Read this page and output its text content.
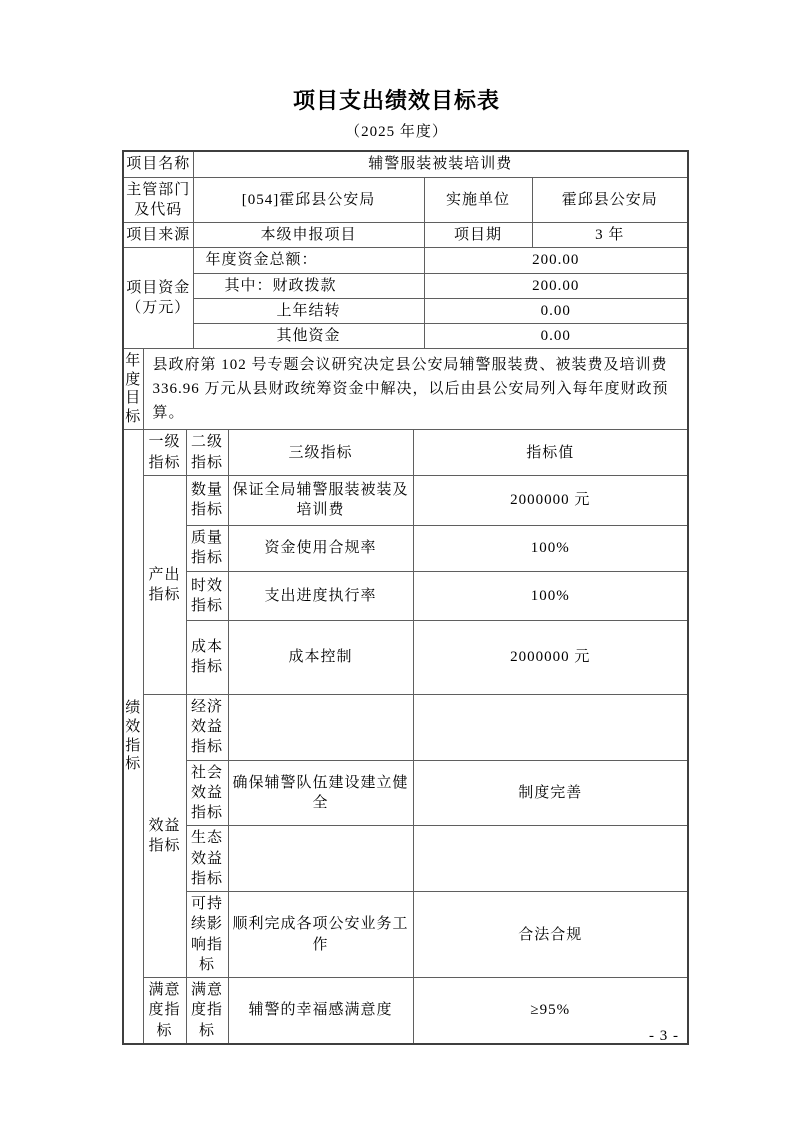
项目支出绩效目标表
（2025 年度）
项目名称			辅警服装被装培训费				
主管部门及代码			[054]霍邱县公安局			实施单位	霍邱县公安局
项目来源			本级申报项目			项目期	3 年
项目资金（万元）			年度资金总额：			200.00	
			其中：财政拨款			200.00	
			上年结转			0.00	
			其他资金			0.00	
年度目标	县政府第 102 号专题会议研究决定县公安局辅警服装费、被装费及培训费 336.96 万元从县财政统筹资金中解决，以后由县公安局列入每年度财政预算。						
绩效指标	一级指标	二级指标		三级指标	指标值		
	产出指标	数量指标		保证全局辅警服装被装及培训费	2000000 元		
		质量指标		资金使用合规率	100%		
		时效指标		支出进度执行率	100%		
		成本指标		成本控制	2000000 元		
	效益指标	经济效益指标					
		社会效益指标		确保辅警队伍建设建立健全	制度完善		
		生态效益指标					
		可持续影响指标		顺利完成各项公安业务工作	合法合规		
	满意度指标	满意度指标		辅警的幸福感满意度	≥95%		
- 3 -
